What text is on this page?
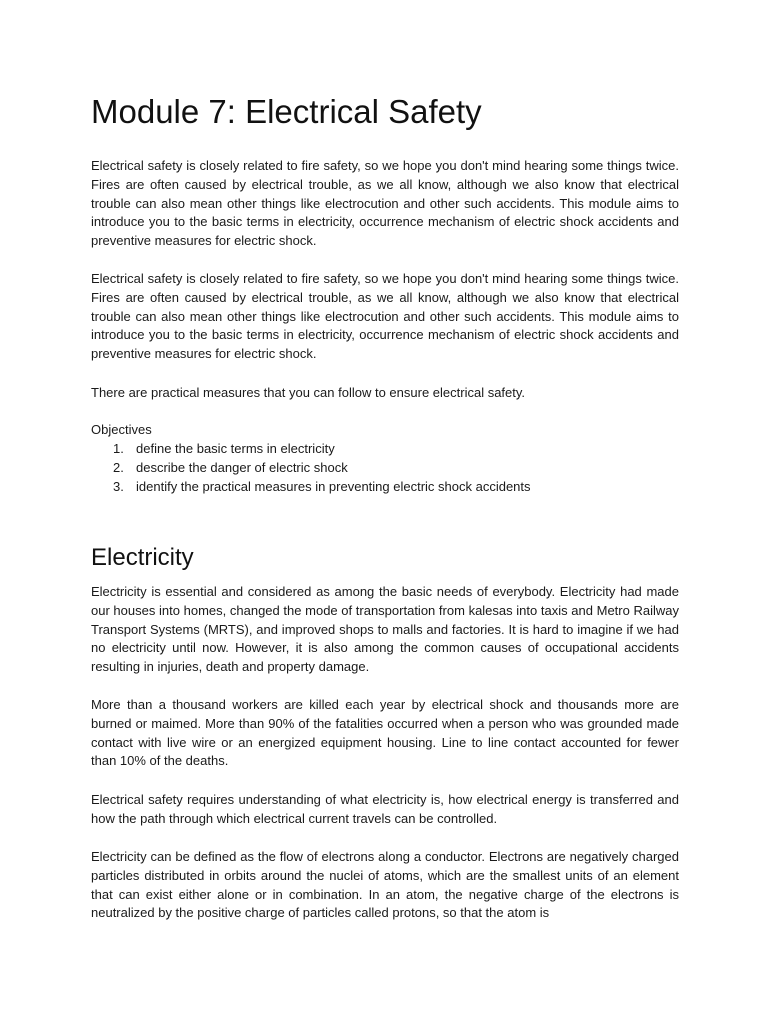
Module 7: Electrical Safety

Electrical safety is closely related to fire safety, so we hope you don't mind hearing some things twice. Fires are often caused by electrical trouble, as we all know, although we also know that electrical trouble can also mean other things like electrocution and other such accidents. This module aims to introduce you to the basic terms in electricity, occurrence mechanism of electric shock accidents and preventive measures for electric shock.

Electrical safety is closely related to fire safety, so we hope you don't mind hearing some things twice. Fires are often caused by electrical trouble, as we all know, although we also know that electrical trouble can also mean other things like electrocution and other such accidents. This module aims to introduce you to the basic terms in electricity, occurrence mechanism of electric shock accidents and preventive measures for electric shock.

There are practical measures that you can follow to ensure electrical safety.

Objectives

1. define the basic terms in electricity
2. describe the danger of electric shock
3. identify the practical measures in preventing electric shock accidents
Electricity

Electricity is essential and considered as among the basic needs of everybody. Electricity had made our houses into homes, changed the mode of transportation from kalesas into taxis and Metro Railway Transport Systems (MRTS), and improved shops to malls and factories. It is hard to imagine if we had no electricity until now. However, it is also among the common causes of occupational accidents resulting in injuries, death and property damage.

More than a thousand workers are killed each year by electrical shock and thousands more are burned or maimed. More than 90% of the fatalities occurred when a person who was grounded made contact with live wire or an energized equipment housing. Line to line contact accounted for fewer than 10% of the deaths.

Electrical safety requires understanding of what electricity is, how electrical energy is transferred and how the path through which electrical current travels can be controlled.

Electricity can be defined as the flow of electrons along a conductor. Electrons are negatively charged particles distributed in orbits around the nuclei of atoms, which are the smallest units of an element that can exist either alone or in combination. In an atom, the negative charge of the electrons is neutralized by the positive charge of particles called protons, so that the atom is
